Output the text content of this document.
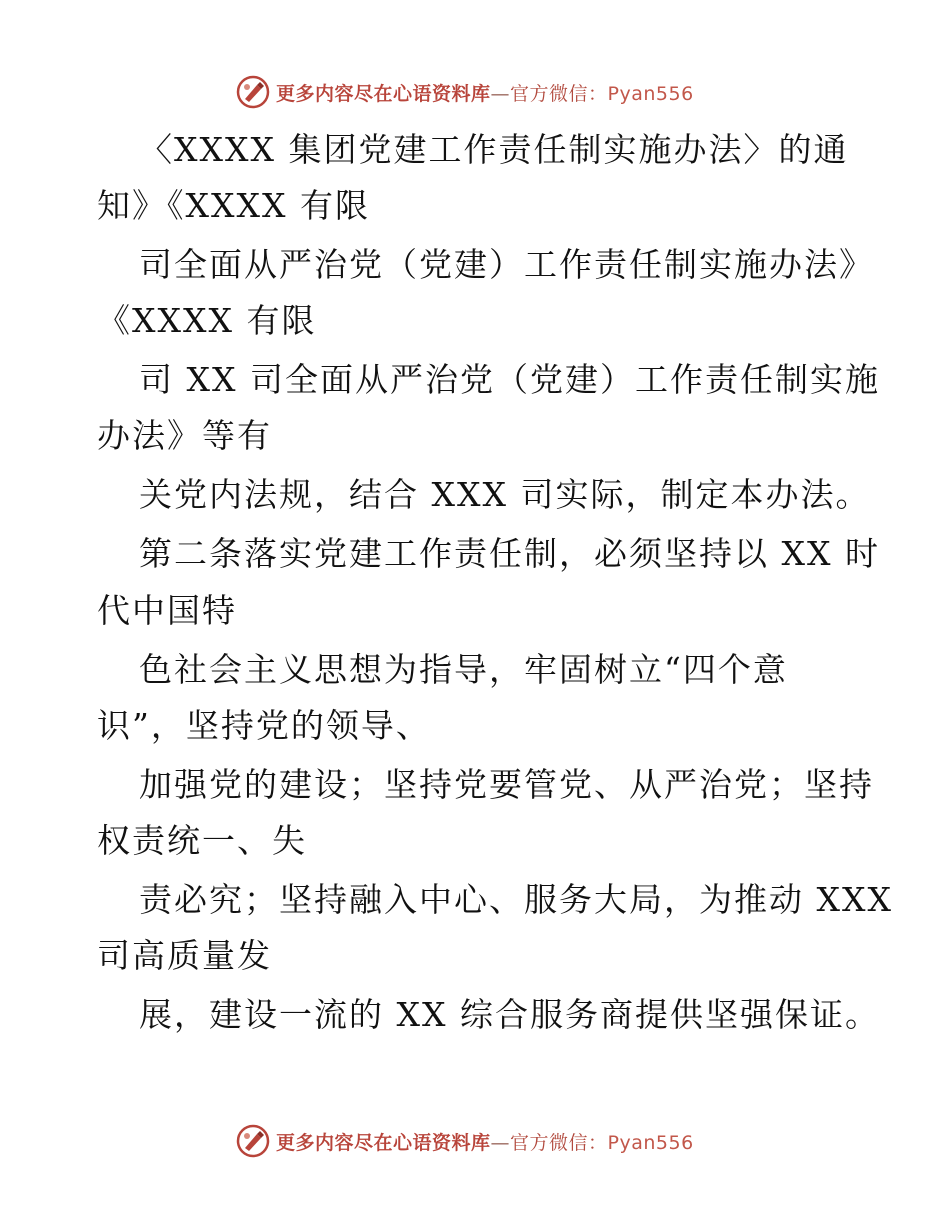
更多内容尽在心语资料库—官方微信：Pyan556
〈XXXX 集团党建工作责任制实施办法〉的通
知》《XXXX 有限
司全面从严治党（党建）工作责任制实施办法》
《XXXX 有限
司 XX 司全面从严治党（党建）工作责任制实施
办法》等有
关党内法规，结合 XXX 司实际，制定本办法。
第二条落实党建工作责任制，必须坚持以 XX 时
代中国特
色社会主义思想为指导，牢固树立“四个意
识”，坚持党的领导、
加强党的建设；坚持党要管党、从严治党；坚持
权责统一、失
责必究；坚持融入中心、服务大局，为推动 XXX
司高质量发
展，建设一流的 XX 综合服务商提供坚强保证。
更多内容尽在心语资料库—官方微信：Pyan556
